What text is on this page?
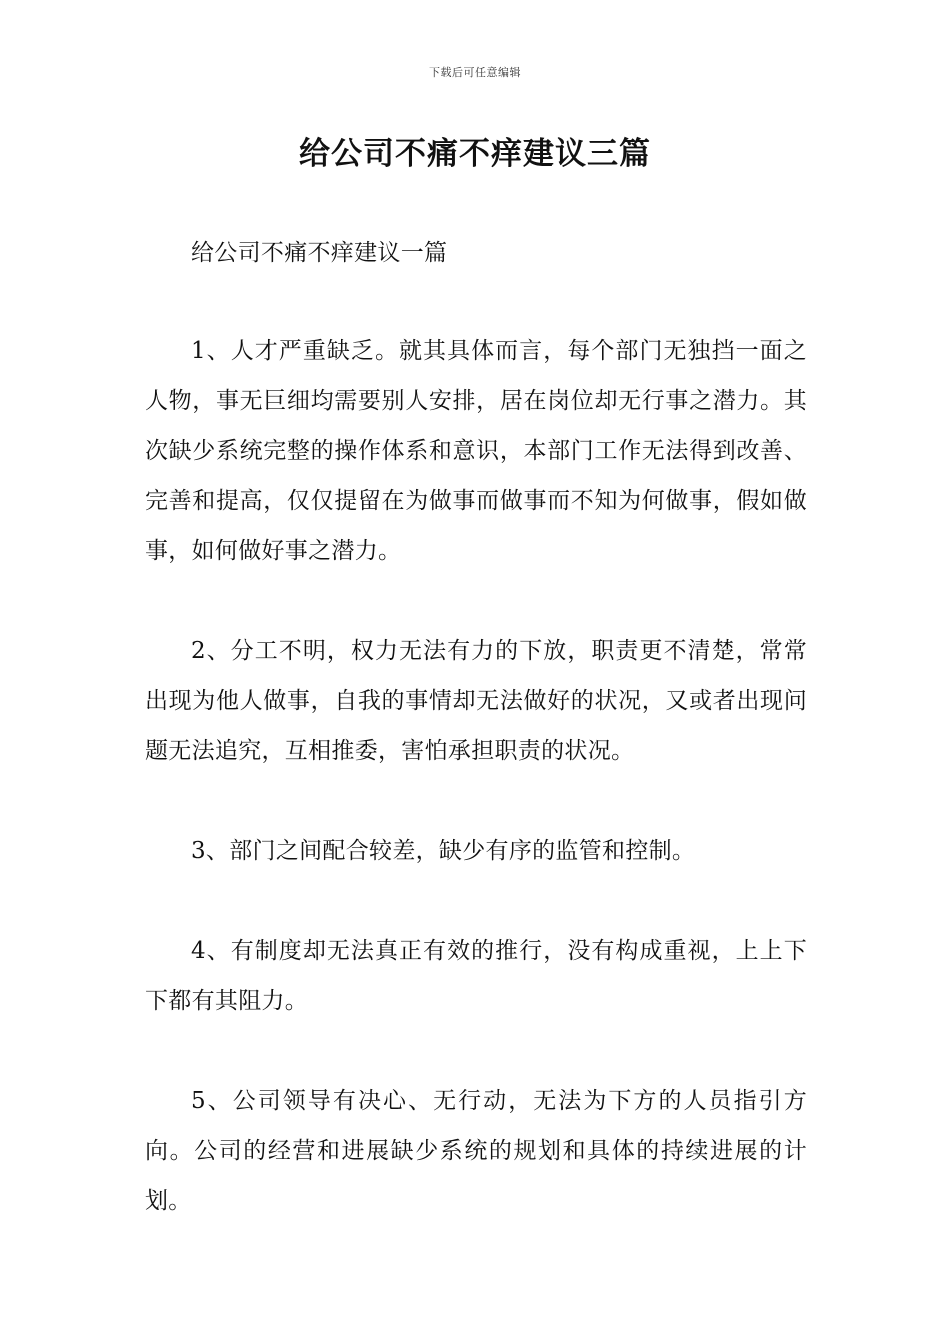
下载后可任意编辑
给公司不痛不痒建议三篇

给公司不痛不痒建议一篇

1、人才严重缺乏。就其具体而言，每个部门无独挡一面之人物，事无巨细均需要别人安排，居在岗位却无行事之潜力。其次缺少系统完整的操作体系和意识，本部门工作无法得到改善、完善和提高，仅仅提留在为做事而做事而不知为何做事，假如做事，如何做好事之潜力。

2、分工不明，权力无法有力的下放，职责更不清楚，常常出现为他人做事，自我的事情却无法做好的状况，又或者出现问题无法追究，互相推委，害怕承担职责的状况。

3、部门之间配合较差，缺少有序的监管和控制。

4、有制度却无法真正有效的推行，没有构成重视，上上下下都有其阻力。

5、公司领导有决心、无行动，无法为下方的人员指引方向。公司的经营和进展缺少系统的规划和具体的持续进展的计划。
